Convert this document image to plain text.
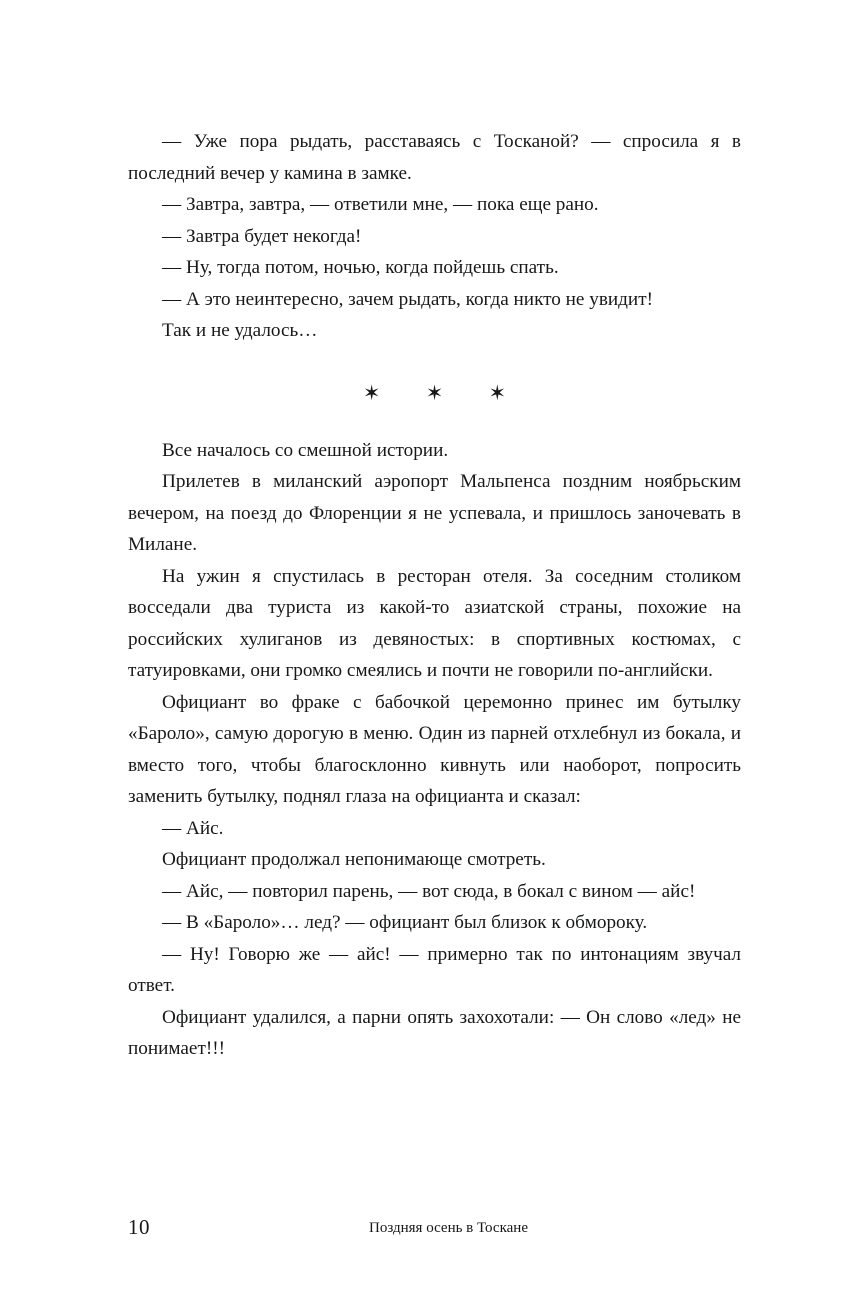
— Уже пора рыдать, расставаясь с Тосканой? — спросила я в последний вечер у камина в замке.

— Завтра, завтра, — ответили мне, — пока еще рано.

— Завтра будет некогда!

— Ну, тогда потом, ночью, когда пойдешь спать.

— А это неинтересно, зачем рыдать, когда никто не увидит!

Так и не удалось…

✶ ✶ ✶

Все началось со смешной истории.

Прилетев в миланский аэропорт Мальпенса поздним ноябрьским вечером, на поезд до Флоренции я не успевала, и пришлось заночевать в Милане.

На ужин я спустилась в ресторан отеля. За соседним столиком восседали два туриста из какой-то азиатской страны, похожие на российских хулиганов из девяностых: в спортивных костюмах, с татуировками, они громко смеялись и почти не говорили по-английски.

Официант во фраке с бабочкой церемонно принес им бутылку «Бароло», самую дорогую в меню. Один из парней отхлебнул из бокала, и вместо того, чтобы благосклонно кивнуть или наоборот, попросить заменить бутылку, поднял глаза на официанта и сказал:

— Айс.

Официант продолжал непонимающе смотреть.

— Айс, — повторил парень, — вот сюда, в бокал с вином — айс!

— В «Бароло»… лед? — официант был близок к обмороку.

— Ну! Говорю же — айс! — примерно так по интонациям звучал ответ.

Официант удалился, а парни опять захохотали: — Он слово «лед» не понимает!!!

10	Поздняя осень в Тоскане
